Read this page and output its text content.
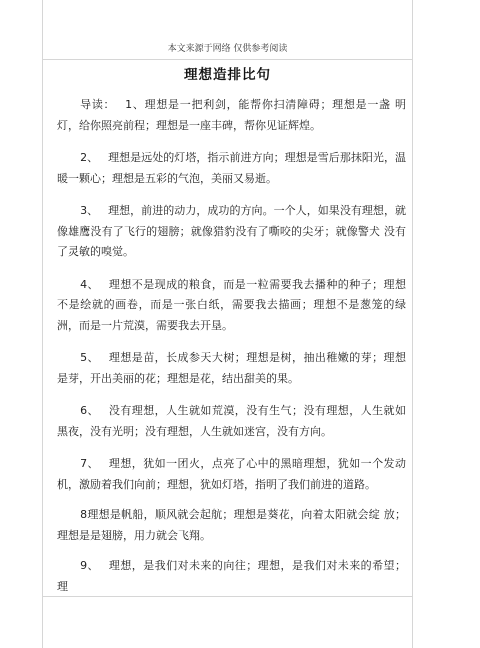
本文来源于网络 仅供参考阅读
理想造排比句

导读： 1、理想是一把利剑，能帮你扫清障碍；理想是一盏 明灯，给你照亮前程；理想是一座丰碑，帮你见证辉煌。

2、 理想是远处的灯塔，指示前进方向；理想是雪后那抹阳光，温暖一颗心；理想是五彩的气泡，美丽又易逝。

3、 理想，前进的动力，成功的方向。一个人，如果没有理想，就像雄鹰没有了飞行的翅膀；就像猎豹没有了嘶咬的尖牙；就像警犬 没有了灵敏的嗅觉。

4、 理想不是现成的粮食，而是一粒需要我去播种的种子；理想 不是绘就的画卷，而是一张白纸，需要我去描画；理想不是葱笼的绿 洲，而是一片荒漠，需要我去开垦。

5、 理想是苗，长成参天大树；理想是树，抽出稚嫩的芽；理想 是芽，开出美丽的花；理想是花，结出甜美的果。

6、 没有理想，人生就如荒漠，没有生气；没有理想，人生就如 黑夜，没有光明；没有理想，人生就如迷宫，没有方向。

7、 理想，犹如一团火，点亮了心中的黑暗理想，犹如一个发动 机，激励着我们向前；理想，犹如灯塔，指明了我们前进的道路。

8理想是帆船，顺风就会起航；理想是葵花，向着太阳就会绽 放；理想是是翅膀，用力就会飞翔。

9、 理想，是我们对未来的向往；理想，是我们对未来的希望； 理
